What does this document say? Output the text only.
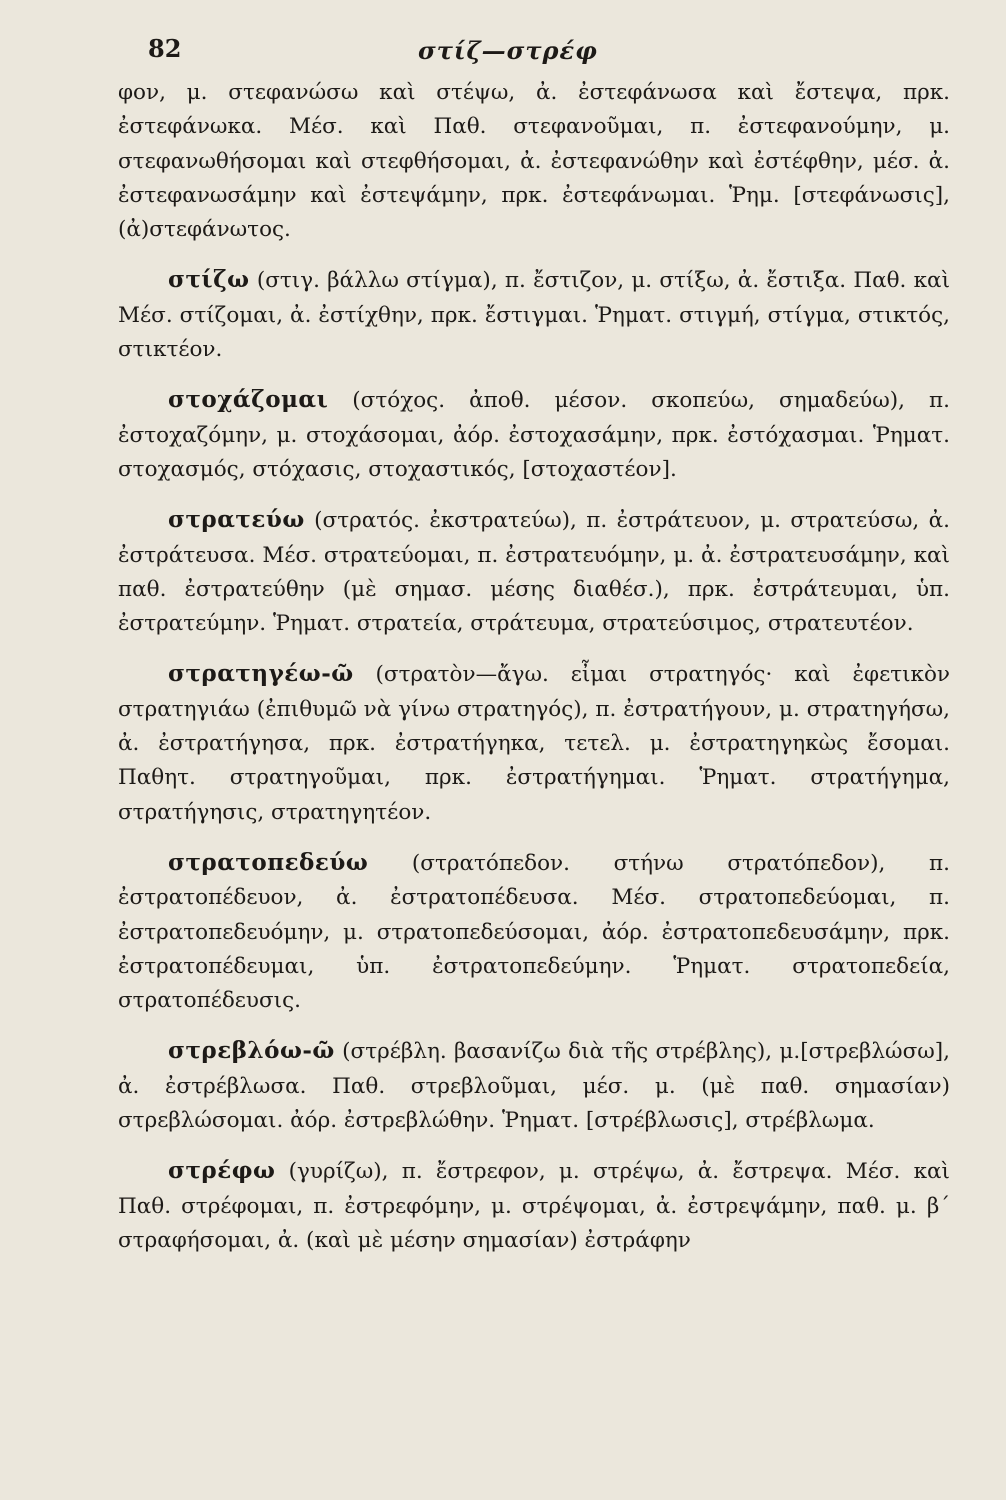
82	στίζ—στρέφ

φον, μ. στεφανώσω καὶ στέψω, ἀ. ἐστεφάνωσα καὶ ἔστεψα, πρκ. ἐστεφάνωκα. Μέσ. καὶ Παθ. στεφανοῦμαι, π. ἐστεφανούμην, μ. στεφανωθήσομαι καὶ στεφθήσομαι, ἀ. ἐστεφανώθην καὶ ἐστέφθην, μέσ. ἀ. ἐστεφανωσάμην καὶ ἐστεψάμην, πρκ. ἐστεφάνωμαι. Ῥημ. [στεφάνωσις], (ἀ)στεφάνωτος.

στίζω (στιγ. βάλλω στίγμα), π. ἔστιζον, μ. στίξω, ἀ. ἔστιξα. Παθ. καὶ Μέσ. στίζομαι, ἀ. ἐστίχθην, πρκ. ἔστιγμαι. Ῥηματ. στιγμή, στίγμα, στικτός, στικτέον.

στοχάζομαι (στόχος. ἀποθ. μέσον. σκοπεύω, σημαδεύω), π. ἐστοχαζόμην, μ. στοχάσομαι, ἀόρ. ἐστοχασάμην, πρκ. ἐστόχασμαι. Ῥηματ. στοχασμός, στόχασις, στοχαστικός, [στοχαστέον].

στρατεύω (στρατός. ἐκστρατεύω), π. ἐστράτευον, μ. στρατεύσω, ἀ. ἐστράτευσα. Μέσ. στρατεύομαι, π. ἐστρατευόμην, μ. ἀ. ἐστρατευσάμην, καὶ παθ. ἐστρατεύθην (μὲ σημασ. μέσης διαθέσ.), πρκ. ἐστράτευμαι, ὑπ. ἐστρατεύμην. Ῥηματ. στρατεία, στράτευμα, στρατεύσιμος, στρατευτέον.

στρατηγέω-ῶ (στρατὸν—ἄγω. εἶμαι στρατηγός· καὶ ἐφετικὸν στρατηγιάω (ἐπιθυμῶ νὰ γίνω στρατηγός), π. ἐστρατήγουν, μ. στρατηγήσω, ἀ. ἐστρατήγησα, πρκ. ἐστρατήγηκα, τετελ. μ. ἐστρατηγηκὼς ἔσομαι. Παθητ. στρατηγοῦμαι, πρκ. ἐστρατήγημαι. Ῥηματ. στρατήγημα, στρατήγησις, στρατηγητέον.

στρατοπεδεύω (στρατόπεδον. στήνω στρατόπεδον), π. ἐστρατοπέδευον, ἀ. ἐστρατοπέδευσα. Μέσ. στρατοπεδεύομαι, π. ἐστρατοπεδευόμην, μ. στρατοπεδεύσομαι, ἀόρ. ἐστρατοπεδευσάμην, πρκ. ἐστρατοπέδευμαι, ὑπ. ἐστρατοπεδεύμην. Ῥηματ. στρατοπεδεία, στρατοπέδευσις.

στρεβλόω-ῶ (στρέβλη. βασανίζω διὰ τῆς στρέβλης), μ.[στρεβλώσω], ἀ. ἐστρέβλωσα. Παθ. στρεβλοῦμαι, μέσ. μ. (μὲ παθ. σημασίαν) στρεβλώσομαι. ἀόρ. ἐστρεβλώθην. Ῥηματ. [στρέβλωσις], στρέβλωμα.

στρέφω (γυρίζω), π. ἔστρεφον, μ. στρέψω, ἀ. ἔστρεψα. Μέσ. καὶ Παθ. στρέφομαι, π. ἐστρεφόμην, μ. στρέψομαι, ἀ. ἐστρεψάμην, παθ. μ. β΄ στραφήσομαι, ἀ. (καὶ μὲ μέσην σημασίαν) ἐστράφην
